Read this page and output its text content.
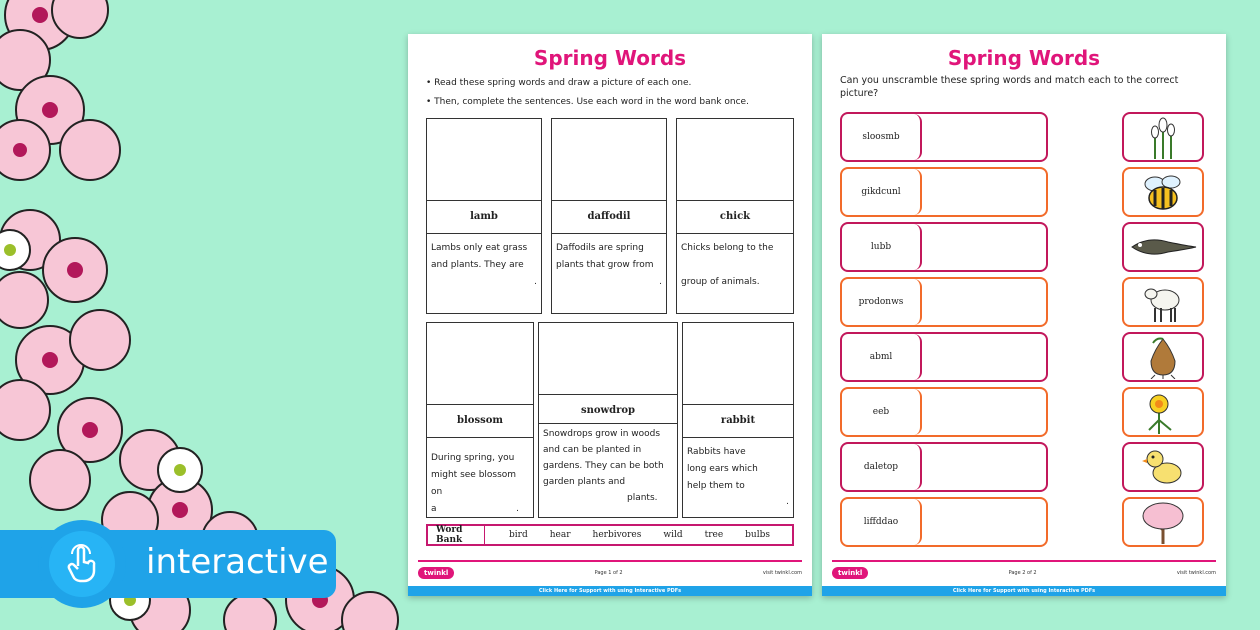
interactive
Spring Words
• Read these spring words and draw a picture of each one.
• Then, complete the sentences. Use each word in the word bank once.
lamb
Lambs only eat grass
and plants. They are
.
daffodil
Daffodils are spring
plants that grow from
.
chick
Chicks belong to the
group of animals.
blossom
During spring, you
might see blossom on
a	.
snowdrop
Snowdrops grow in woods
and can be planted in
gardens. They can be both
garden plants and
plants.
rabbit
Rabbits have
long ears which
help them to
.
Word Bank	bird hear herbivores wild tree bulbs
twinkl	Page 1 of 2	visit twinkl.com
Click Here for Support with using Interactive PDFs
Spring Words
Can you unscramble these spring words and match each to the correct picture?
sloosmb
gikdcunl
lubb
prodonws
abml
eeb
daletop
liffddao
twinkl	Page 2 of 2	visit twinkl.com
Click Here for Support with using Interactive PDFs
